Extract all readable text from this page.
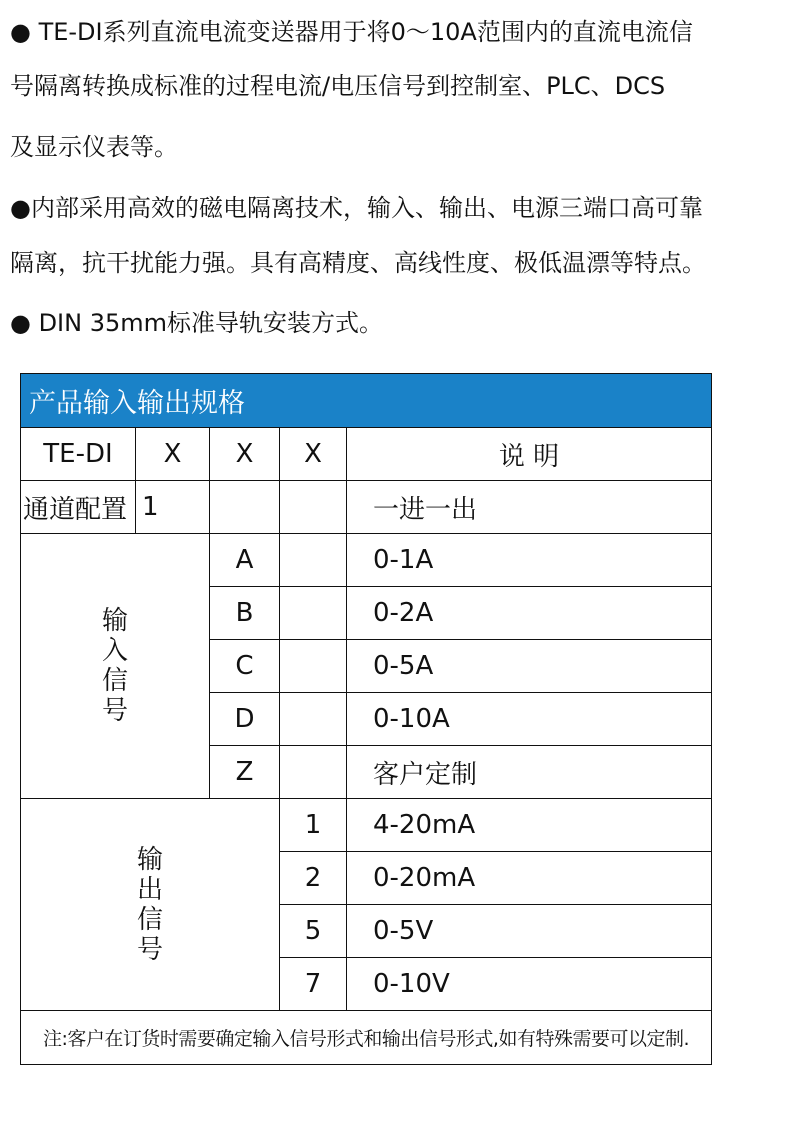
● TE-DI系列直流电流变送器用于将0～10A范围内的直流电流信
号隔离转换成标准的过程电流/电压信号到控制室、PLC、DCS
及显示仪表等。
●内部采用高效的磁电隔离技术，输入、输出、电源三端口高可靠
隔离，抗干扰能力强。具有高精度、高线性度、极低温漂等特点。
● DIN 35mm标准导轨安装方式。
产品输入输出规格				
TE-DI	X	X	X	说 明
通道配置	1			一进一出

输入信号		A		0-1A
		B		0-2A
		C		0-5A
		D		0-10A
		Z		客户定制

输出信号			1	4-20mA
			2	0-20mA
			5	0-5V
			7	0-10V
注:客户在订货时需要确定输入信号形式和输出信号形式,如有特殊需要可以定制.				
